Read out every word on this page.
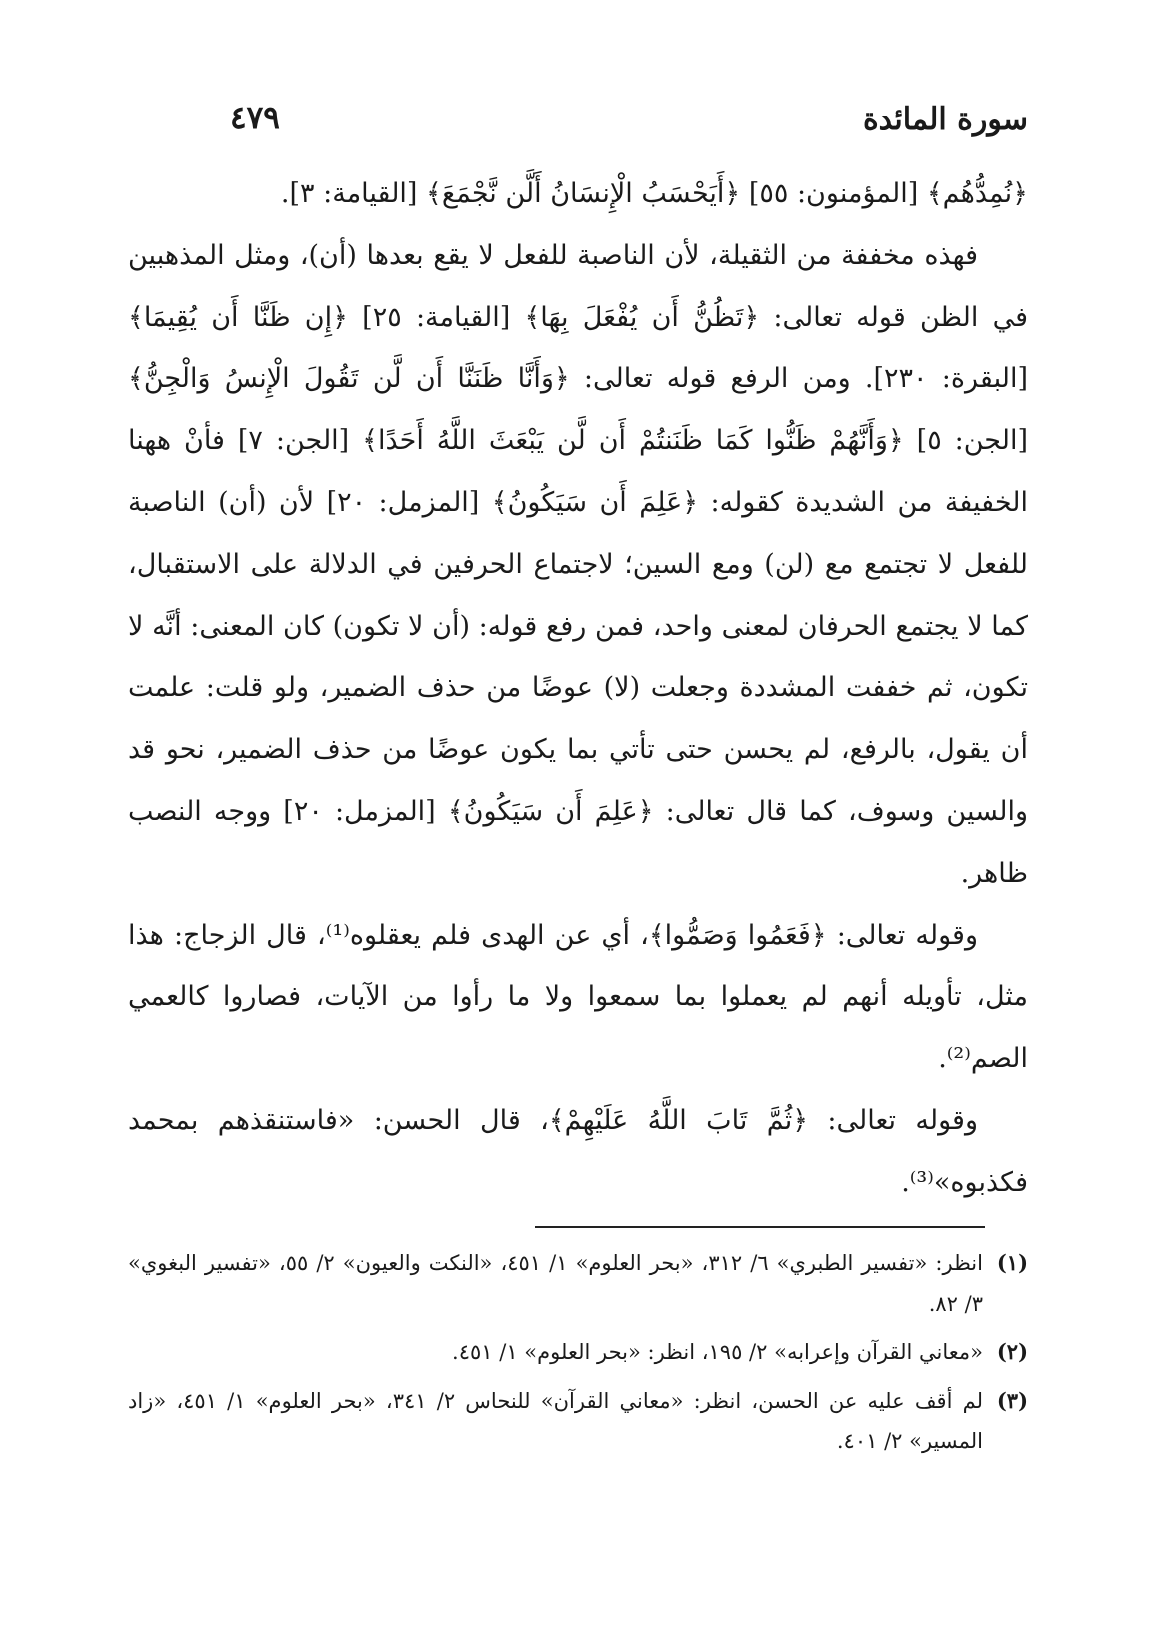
سورة المائدة
٤٧٩

﴿نُمِدُّهُم﴾ [المؤمنون: ٥٥] ﴿أَيَحْسَبُ الْإِنسَانُ أَلَّن نَّجْمَعَ﴾ [القيامة: ٣].

فهذه مخففة من الثقيلة، لأن الناصبة للفعل لا يقع بعدها (أن)، ومثل المذهبين في الظن قوله تعالى: ﴿تَظُنُّ أَن يُفْعَلَ بِهَا﴾ [القيامة: ٢٥] ﴿إِن ظَنَّا أَن يُقِيمَا﴾ [البقرة: ٢٣٠]. ومن الرفع قوله تعالى: ﴿وَأَنَّا ظَنَنَّا أَن لَّن تَقُولَ الْإِنسُ وَالْجِنُّ﴾ [الجن: ٥] ﴿وَأَنَّهُمْ ظَنُّوا كَمَا ظَنَنتُمْ أَن لَّن يَبْعَثَ اللَّهُ أَحَدًا﴾ [الجن: ٧] فأنْ ههنا الخفيفة من الشديدة كقوله: ﴿عَلِمَ أَن سَيَكُونُ﴾ [المزمل: ٢٠] لأن (أن) الناصبة للفعل لا تجتمع مع (لن) ومع السين؛ لاجتماع الحرفين في الدلالة على الاستقبال، كما لا يجتمع الحرفان لمعنى واحد، فمن رفع قوله: (أن لا تكون) كان المعنى: أنَّه لا تكون، ثم خففت المشددة وجعلت (لا) عوضًا من حذف الضمير، ولو قلت: علمت أن يقول، بالرفع، لم يحسن حتى تأتي بما يكون عوضًا من حذف الضمير، نحو قد والسين وسوف، كما قال تعالى: ﴿عَلِمَ أَن سَيَكُونُ﴾ [المزمل: ٢٠] ووجه النصب ظاهر.

وقوله تعالى: ﴿فَعَمُوا وَصَمُّوا﴾، أي عن الهدى فلم يعقلوه⁽¹⁾، قال الزجاج: هذا مثل، تأويله أنهم لم يعملوا بما سمعوا ولا ما رأوا من الآيات، فصاروا كالعمي الصم⁽²⁾.

وقوله تعالى: ﴿ثُمَّ تَابَ اللَّهُ عَلَيْهِمْ﴾، قال الحسن: «فاستنقذهم بمحمد فكذبوه»⁽³⁾.

(١)
انظر: «تفسير الطبري» ٦/ ٣١٢، «بحر العلوم» ١/ ٤٥١، «النكت والعيون» ٢/ ٥٥، «تفسير البغوي» ٣/ ٨٢.
(٢)
«معاني القرآن وإعرابه» ٢/ ١٩٥، انظر: «بحر العلوم» ١/ ٤٥١.
(٣)
لم أقف عليه عن الحسن، انظر: «معاني القرآن» للنحاس ٢/ ٣٤١، «بحر العلوم» ١/ ٤٥١، «زاد المسير» ٢/ ٤٠١.
